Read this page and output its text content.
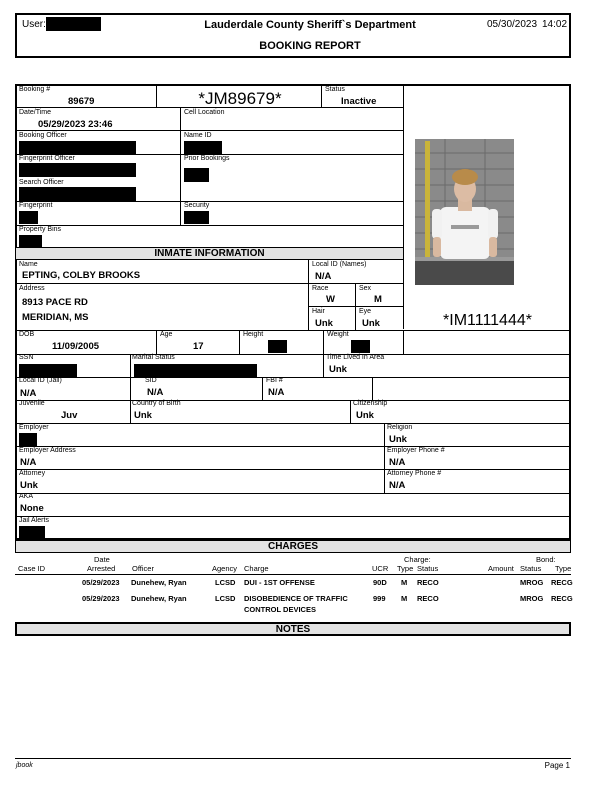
User:	Lauderdale County Sheriff`s Department	05/30/2023 14:02
BOOKING REPORT
Booking #
89679	*JM89679*	Status
Inactive
Date/Time
05/29/2023 23:46
Cell Location
Booking Officer	Name ID
Fingerprint Officer	Prior Bookings
Search Officer
Fingerprint	Security
Property Bins
INMATE INFORMATION
Name
EPTING, COLBY BROOKS
Local ID (Names)
N/A
Address
8913 PACE RD
MERIDIAN, MS
Race
W
Sex
M
Hair
Unk
Eye
Unk	*IM1111444*
DOB
11/09/2005
Age
17
Height	Weight
SSN	Marital Status	Time Lived In Area
Unk
Local ID (Jail)
N/A
SID
N/A
FBI #
N/A
Juvenile
Juv
Country of Birth
Unk
Citizenship
Unk
Employer	Religion
Unk
Employer Address
N/A
Employer Phone #
N/A
Attorney
Unk
Attorney Phone #
N/A
AKA
None
Jail Alerts
CHARGES
Date	Charge:	Bond:
Case ID	Arrested Officer	Agency Charge	UCR Type Status	Amount Status Type
05/29/2023 Dunehew, Ryan	LCSD DUI - 1ST OFFENSE	90D M RECO	MROG RECG
05/29/2023 Dunehew, Ryan	LCSD DISOBEDIENCE OF TRAFFIC
CONTROL DEVICES
999 M RECO	MROG RECG
NOTES
jbook	Page 1
